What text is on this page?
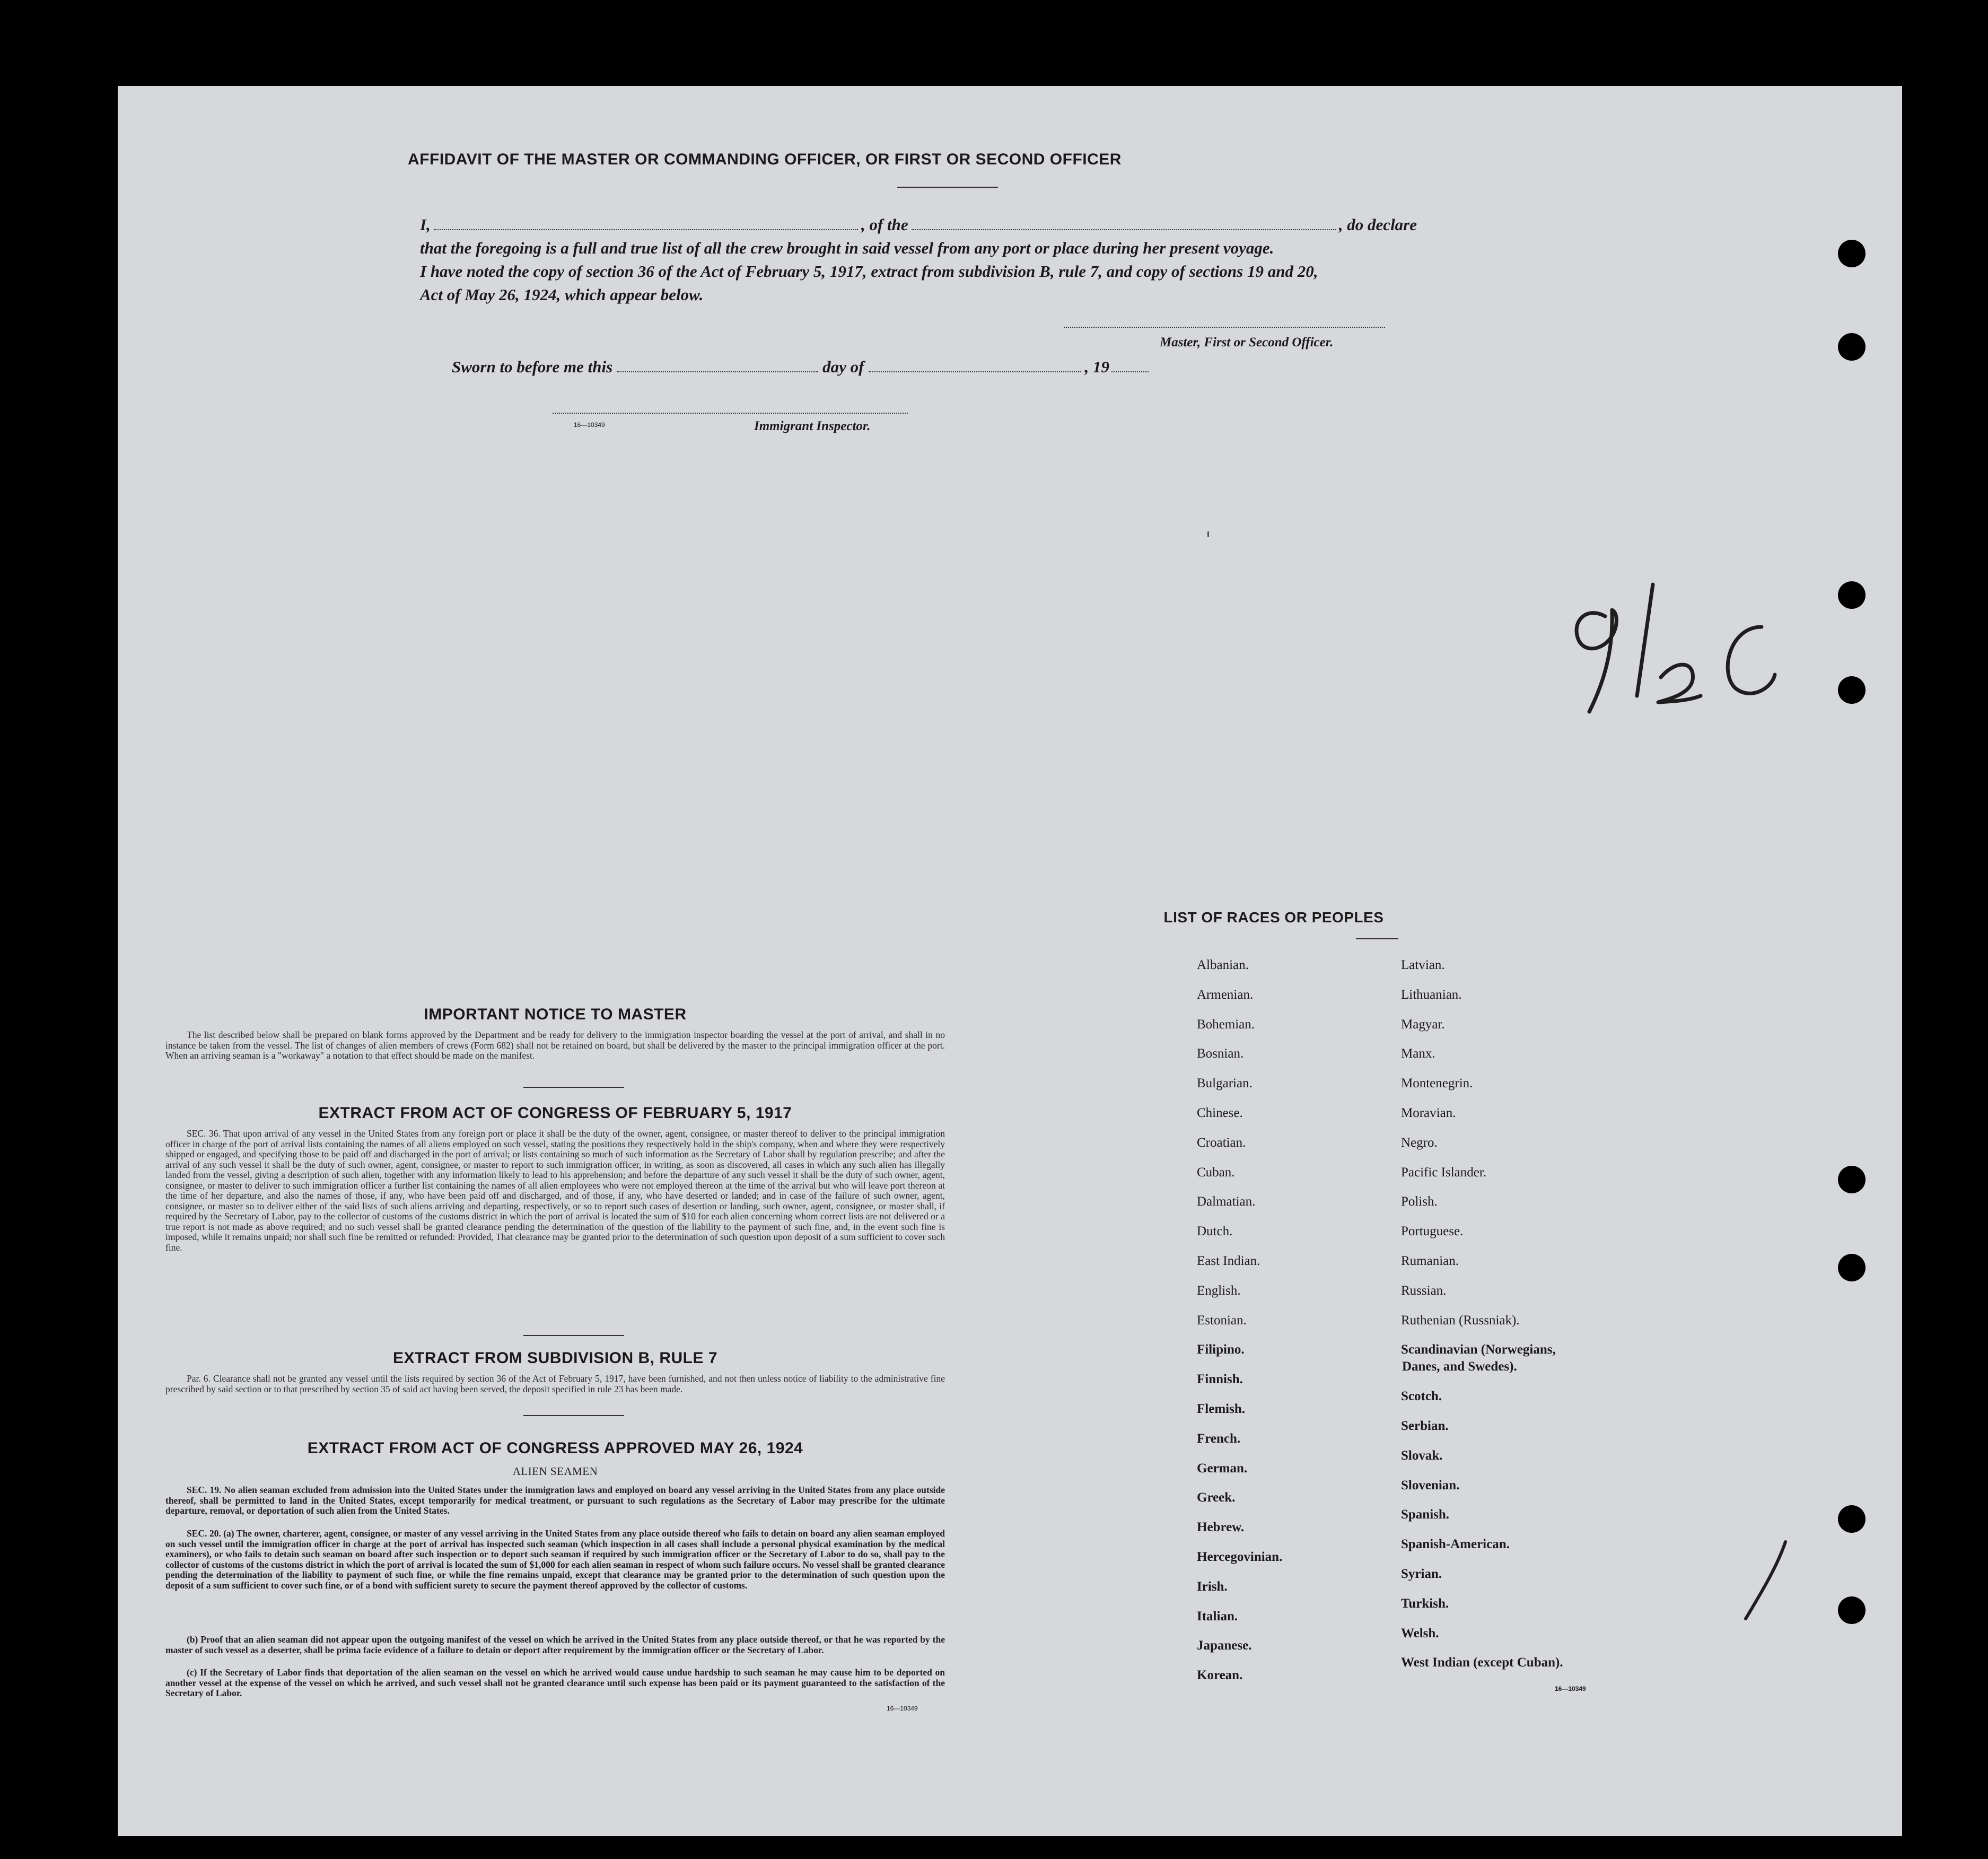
AFFIDAVIT OF THE MASTER OR COMMANDING OFFICER, OR FIRST OR SECOND OFFICER
I,	, of the	, do declare
that the foregoing is a full and true list of all the crew brought in said vessel from any port or place during her present voyage.
I have noted the copy of section 36 of the Act of February 5, 1917, extract from subdivision B, rule 7, and copy of sections 19 and 20,
Act of May 26, 1924, which appear below.
Master, First or Second Officer.
Sworn to before me this	day of	, 19
16—10349	Immigrant Inspector.
IMPORTANT NOTICE TO MASTER
The list described below shall be prepared on blank forms approved by the Department and be ready for delivery to the immigration inspector boarding the vessel at the port of arrival, and shall in no instance be taken from the vessel. The list of changes of alien members of crews (Form 682) shall not be retained on board, but shall be delivered by the master to the principal immigration officer at the port. When an arriving seaman is a "workaway" a notation to that effect should be made on the manifest.
EXTRACT FROM ACT OF CONGRESS OF FEBRUARY 5, 1917
SEC. 36. That upon arrival of any vessel in the United States from any foreign port or place it shall be the duty of the owner, agent, consignee, or master thereof to deliver to the principal immigration officer in charge of the port of arrival lists containing the names of all aliens employed on such vessel, stating the positions they respectively hold in the ship's company, when and where they were respectively shipped or engaged, and specifying those to be paid off and discharged in the port of arrival; or lists containing so much of such information as the Secretary of Labor shall by regulation prescribe; and after the arrival of any such vessel it shall be the duty of such owner, agent, consignee, or master to report to such immigration officer, in writing, as soon as discovered, all cases in which any such alien has illegally landed from the vessel, giving a description of such alien, together with any information likely to lead to his apprehension; and before the departure of any such vessel it shall be the duty of such owner, agent, consignee, or master to deliver to such immigration officer a further list containing the names of all alien employees who were not employed thereon at the time of the arrival but who will leave port thereon at the time of her departure, and also the names of those, if any, who have been paid off and discharged, and of those, if any, who have deserted or landed; and in case of the failure of such owner, agent, consignee, or master so to deliver either of the said lists of such aliens arriving and departing, respectively, or so to report such cases of desertion or landing, such owner, agent, consignee, or master shall, if required by the Secretary of Labor, pay to the collector of customs of the customs district in which the port of arrival is located the sum of $10 for each alien concerning whom correct lists are not delivered or a true report is not made as above required; and no such vessel shall be granted clearance pending the determination of the question of the liability to the payment of such fine, and, in the event such fine is imposed, while it remains unpaid; nor shall such fine be remitted or refunded: Provided, That clearance may be granted prior to the determination of such question upon deposit of a sum sufficient to cover such fine.
EXTRACT FROM SUBDIVISION B, RULE 7
Par. 6. Clearance shall not be granted any vessel until the lists required by section 36 of the Act of February 5, 1917, have been furnished, and not then unless notice of liability to the administrative fine prescribed by said section or to that prescribed by section 35 of said act having been served, the deposit specified in rule 23 has been made.
EXTRACT FROM ACT OF CONGRESS APPROVED MAY 26, 1924
ALIEN SEAMEN
SEC. 19. No alien seaman excluded from admission into the United States under the immigration laws and employed on board any vessel arriving in the United States from any place outside thereof, shall be permitted to land in the United States, except temporarily for medical treatment, or pursuant to such regulations as the Secretary of Labor may prescribe for the ultimate departure, removal, or deportation of such alien from the United States.
SEC. 20. (a) The owner, charterer, agent, consignee, or master of any vessel arriving in the United States from any place outside thereof who fails to detain on board any alien seaman employed on such vessel until the immigration officer in charge at the port of arrival has inspected such seaman (which inspection in all cases shall include a personal physical examination by the medical examiners), or who fails to detain such seaman on board after such inspection or to deport such seaman if required by such immigration officer or the Secretary of Labor to do so, shall pay to the collector of customs of the customs district in which the port of arrival is located the sum of $1,000 for each alien seaman in respect of whom such failure occurs. No vessel shall be granted clearance pending the determination of the liability to payment of such fine, or while the fine remains unpaid, except that clearance may be granted prior to the determination of such question upon the deposit of a sum sufficient to cover such fine, or of a bond with sufficient surety to secure the payment thereof approved by the collector of customs.
(b) Proof that an alien seaman did not appear upon the outgoing manifest of the vessel on which he arrived in the United States from any place outside thereof, or that he was reported by the master of such vessel as a deserter, shall be prima facie evidence of a failure to detain or deport after requirement by the immigration officer or the Secretary of Labor.
(c) If the Secretary of Labor finds that deportation of the alien seaman on the vessel on which he arrived would cause undue hardship to such seaman he may cause him to be deported on another vessel at the expense of the vessel on which he arrived, and such vessel shall not be granted clearance until such expense has been paid or its payment guaranteed to the satisfaction of the Secretary of Labor.
16—10349
LIST OF RACES OR PEOPLES
Albanian.
Armenian.
Bohemian.
Bosnian.
Bulgarian.
Chinese.
Croatian.
Cuban.
Dalmatian.
Dutch.
East Indian.
English.
Estonian.
Filipino.
Finnish.
Flemish.
French.
German.
Greek.
Hebrew.
Hercegovinian.
Irish.
Italian.
Japanese.
Korean.
Latvian.
Lithuanian.
Magyar.
Manx.
Montenegrin.
Moravian.
Negro.
Pacific Islander.
Polish.
Portuguese.
Rumanian.
Russian.
Ruthenian (Russniak).
Scandinavian (Norwegians,
Danes, and Swedes).
Scotch.
Serbian.
Slovak.
Slovenian.
Spanish.
Spanish-American.
Syrian.
Turkish.
Welsh.
West Indian (except Cuban).
16—10349
